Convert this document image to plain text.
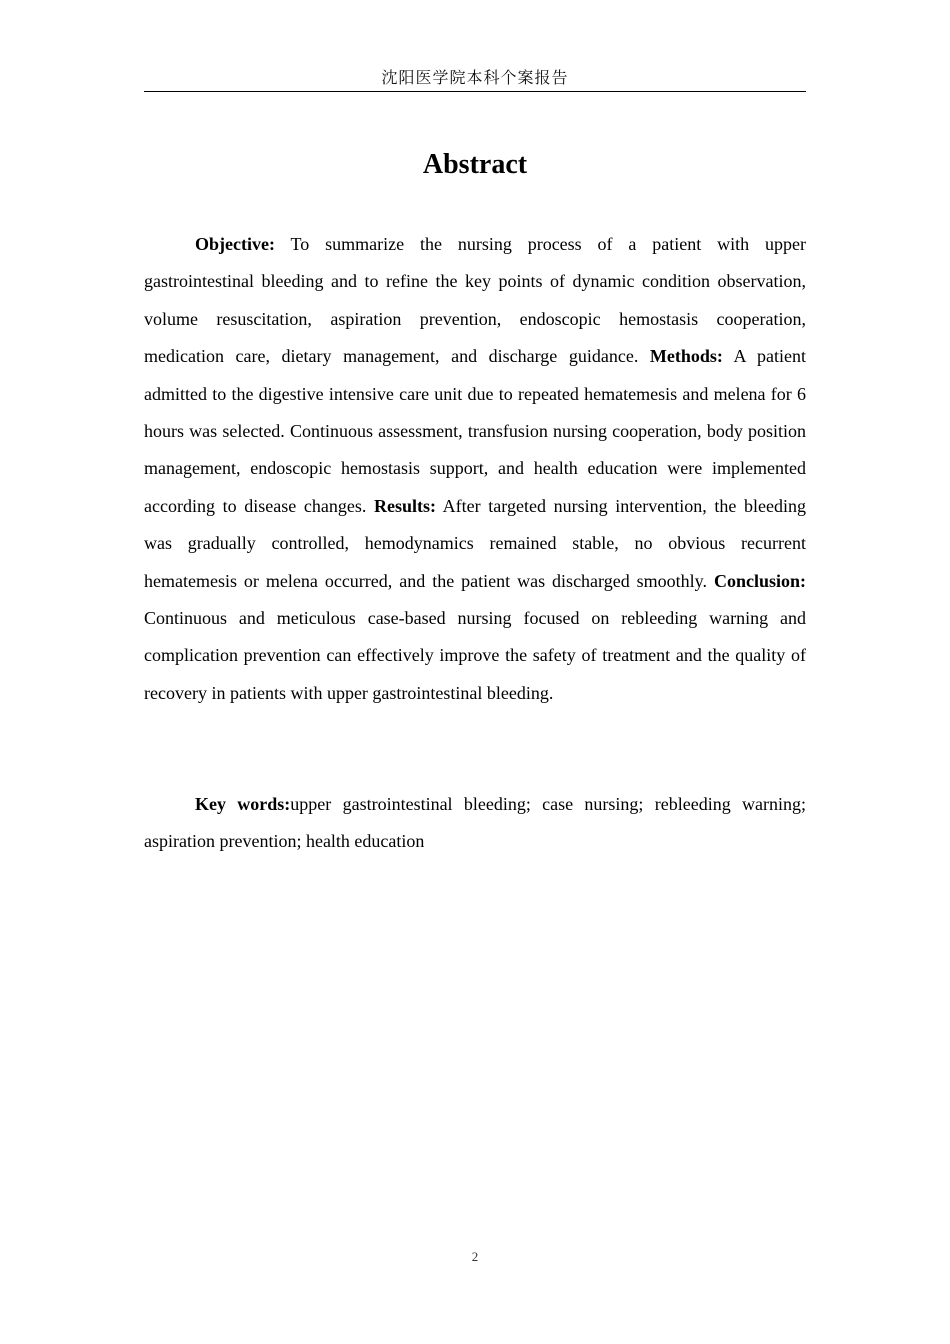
沈阳医学院本科个案报告
Abstract

Objective: To summarize the nursing process of a patient with upper gastrointestinal bleeding and to refine the key points of dynamic condition observation, volume resuscitation, aspiration prevention, endoscopic hemostasis cooperation, medication care, dietary management, and discharge guidance. Methods: A patient admitted to the digestive intensive care unit due to repeated hematemesis and melena for 6 hours was selected. Continuous assessment, transfusion nursing cooperation, body position management, endoscopic hemostasis support, and health education were implemented according to disease changes. Results: After targeted nursing intervention, the bleeding was gradually controlled, hemodynamics remained stable, no obvious recurrent hematemesis or melena occurred, and the patient was discharged smoothly. Conclusion: Continuous and meticulous case-based nursing focused on rebleeding warning and complication prevention can effectively improve the safety of treatment and the quality of recovery in patients with upper gastrointestinal bleeding.

Key words:upper gastrointestinal bleeding; case nursing; rebleeding warning; aspiration prevention; health education

2
